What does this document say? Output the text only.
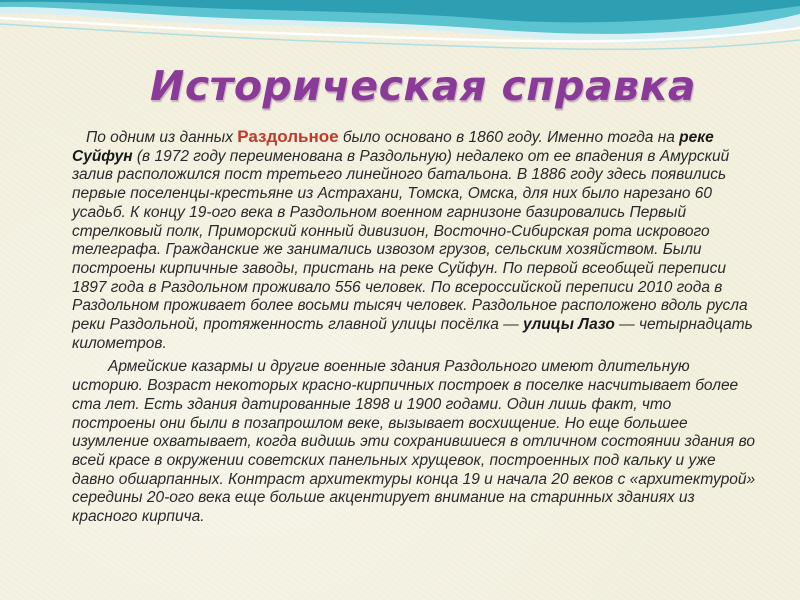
Историческая справка

По одним из данных Раздольное было основано в 1860 году. Именно тогда на реке Суйфун (в 1972 году переименована в Раздольную) недалеко от ее впадения в Амурский залив расположился пост третьего линейного батальона. В 1886 году здесь появились первые поселенцы-крестьяне из Астрахани, Томска, Омска, для них было нарезано 60 усадьб. К концу 19-ого века в Раздольном военном гарнизоне базировались Первый стрелковый полк, Приморский конный дивизион, Восточно-Сибирская рота искрового телеграфа. Гражданские же занимались извозом грузов, сельским хозяйством. Были построены кирпичные заводы, пристань на реке Суйфун. По первой всеобщей переписи 1897 года в Раздольном проживало 556 человек. По всероссийской переписи 2010 года в Раздольном проживает более восьми тысяч человек. Раздольное расположено вдоль русла реки Раздольной, протяженность главной улицы посёлка — улицы Лазо — четырнадцать километров.

Армейские казармы и другие военные здания Раздольного имеют длительную историю. Возраст некоторых красно-кирпичных построек в поселке насчитывает более ста лет. Есть здания датированные 1898 и 1900 годами. Один лишь факт, что построены они были в позапрошлом веке, вызывает восхищение. Но еще большее изумление охватывает, когда видишь эти сохранившиеся в отличном состоянии здания во всей красе в окружении советских панельных хрущевок, построенных под кальку и уже давно обшарпанных. Контраст архитектуры конца 19 и начала 20 веков с «архитектурой» середины 20-ого века еще больше акцентирует внимание на старинных зданиях из красного кирпича.
